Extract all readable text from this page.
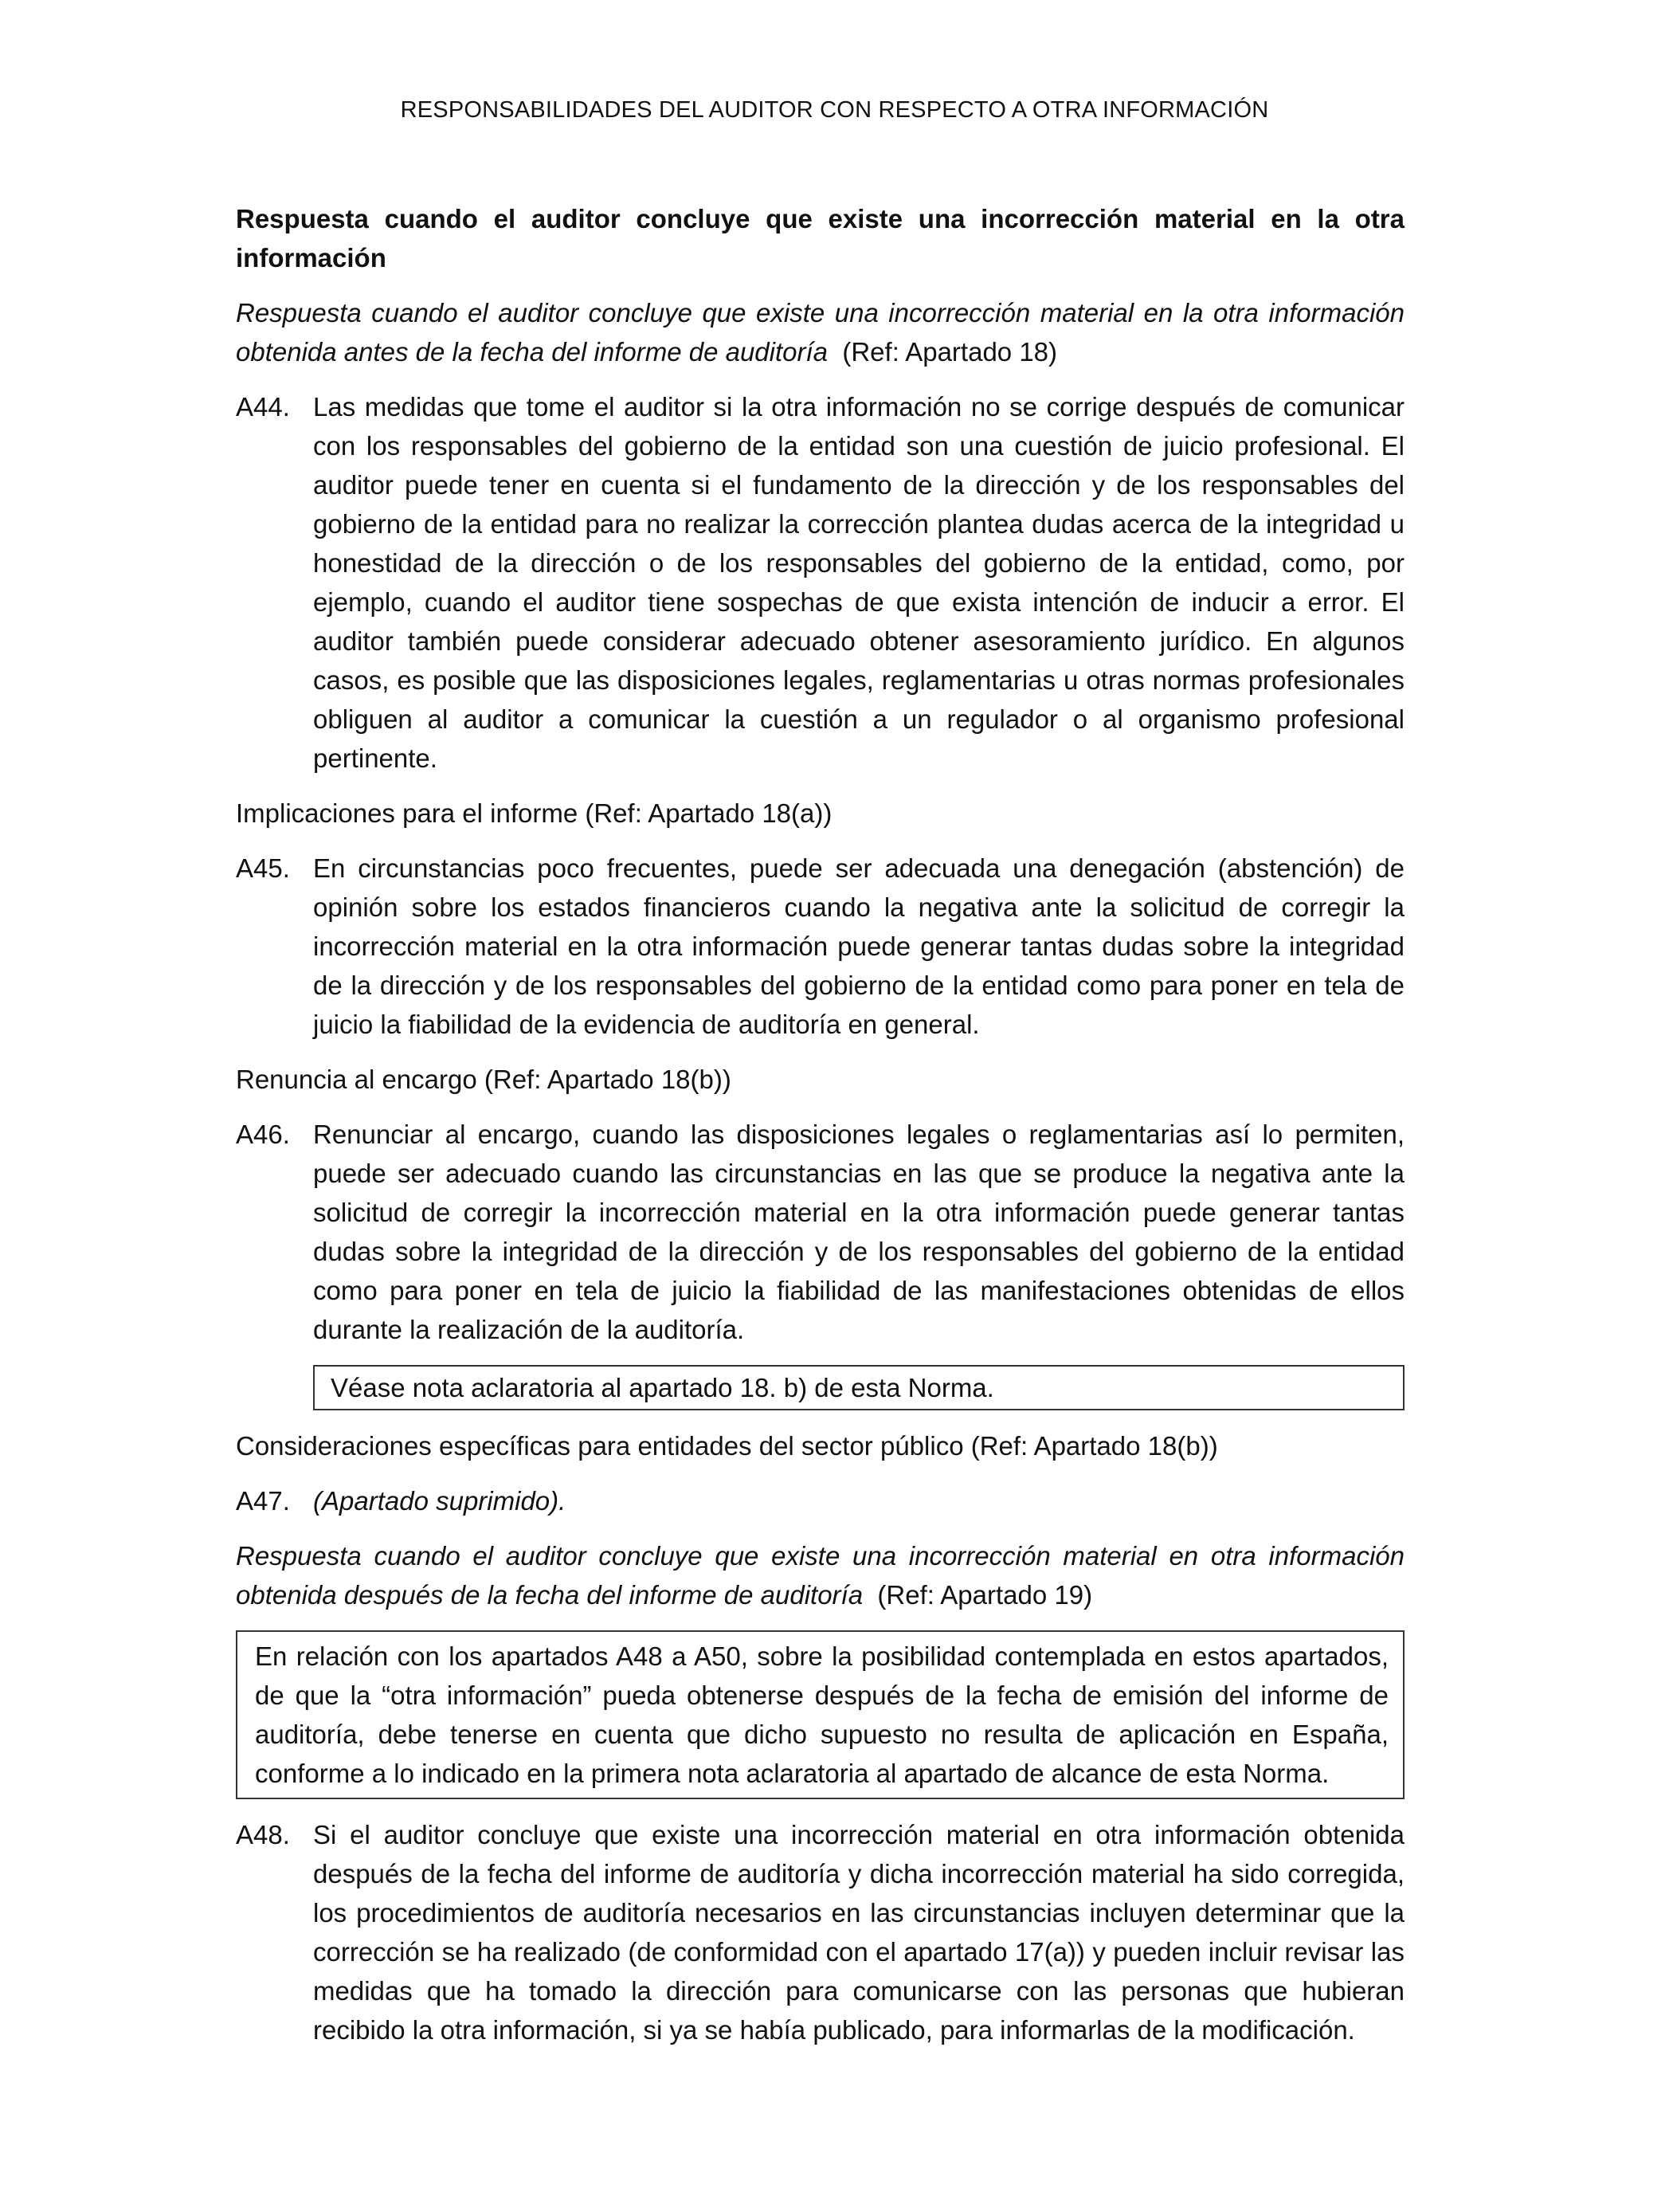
RESPONSABILIDADES DEL AUDITOR CON RESPECTO A OTRA INFORMACIÓN

Respuesta cuando el auditor concluye que existe una incorrección material en la otra información

Respuesta cuando el auditor concluye que existe una incorrección material en la otra información obtenida antes de la fecha del informe de auditoría (Ref: Apartado 18)

A44. Las medidas que tome el auditor si la otra información no se corrige después de comunicar con los responsables del gobierno de la entidad son una cuestión de juicio profesional. El auditor puede tener en cuenta si el fundamento de la dirección y de los responsables del gobierno de la entidad para no realizar la corrección plantea dudas acerca de la integridad u honestidad de la dirección o de los responsables del gobierno de la entidad, como, por ejemplo, cuando el auditor tiene sospechas de que exista intención de inducir a error. El auditor también puede considerar adecuado obtener asesoramiento jurídico. En algunos casos, es posible que las disposiciones legales, reglamentarias u otras normas profesionales obliguen al auditor a comunicar la cuestión a un regulador o al organismo profesional pertinente.

Implicaciones para el informe (Ref: Apartado 18(a))

A45. En circunstancias poco frecuentes, puede ser adecuada una denegación (abstención) de opinión sobre los estados financieros cuando la negativa ante la solicitud de corregir la incorrección material en la otra información puede generar tantas dudas sobre la integridad de la dirección y de los responsables del gobierno de la entidad como para poner en tela de juicio la fiabilidad de la evidencia de auditoría en general.

Renuncia al encargo (Ref: Apartado 18(b))

A46. Renunciar al encargo, cuando las disposiciones legales o reglamentarias así lo permiten, puede ser adecuado cuando las circunstancias en las que se produce la negativa ante la solicitud de corregir la incorrección material en la otra información puede generar tantas dudas sobre la integridad de la dirección y de los responsables del gobierno de la entidad como para poner en tela de juicio la fiabilidad de las manifestaciones obtenidas de ellos durante la realización de la auditoría.
Véase nota aclaratoria al apartado 18. b) de esta Norma.

Consideraciones específicas para entidades del sector público (Ref: Apartado 18(b))

A47. (Apartado suprimido).

Respuesta cuando el auditor concluye que existe una incorrección material en otra información obtenida después de la fecha del informe de auditoría (Ref: Apartado 19)

En relación con los apartados A48 a A50, sobre la posibilidad contemplada en estos apartados, de que la “otra información” pueda obtenerse después de la fecha de emisión del informe de auditoría, debe tenerse en cuenta que dicho supuesto no resulta de aplicación en España, conforme a lo indicado en la primera nota aclaratoria al apartado de alcance de esta Norma.
A48. Si el auditor concluye que existe una incorrección material en otra información obtenida después de la fecha del informe de auditoría y dicha incorrección material ha sido corregida, los procedimientos de auditoría necesarios en las circunstancias incluyen determinar que la corrección se ha realizado (de conformidad con el apartado 17(a)) y pueden incluir revisar las medidas que ha tomado la dirección para comunicarse con las personas que hubieran recibido la otra información, si ya se había publicado, para informarlas de la modificación.
